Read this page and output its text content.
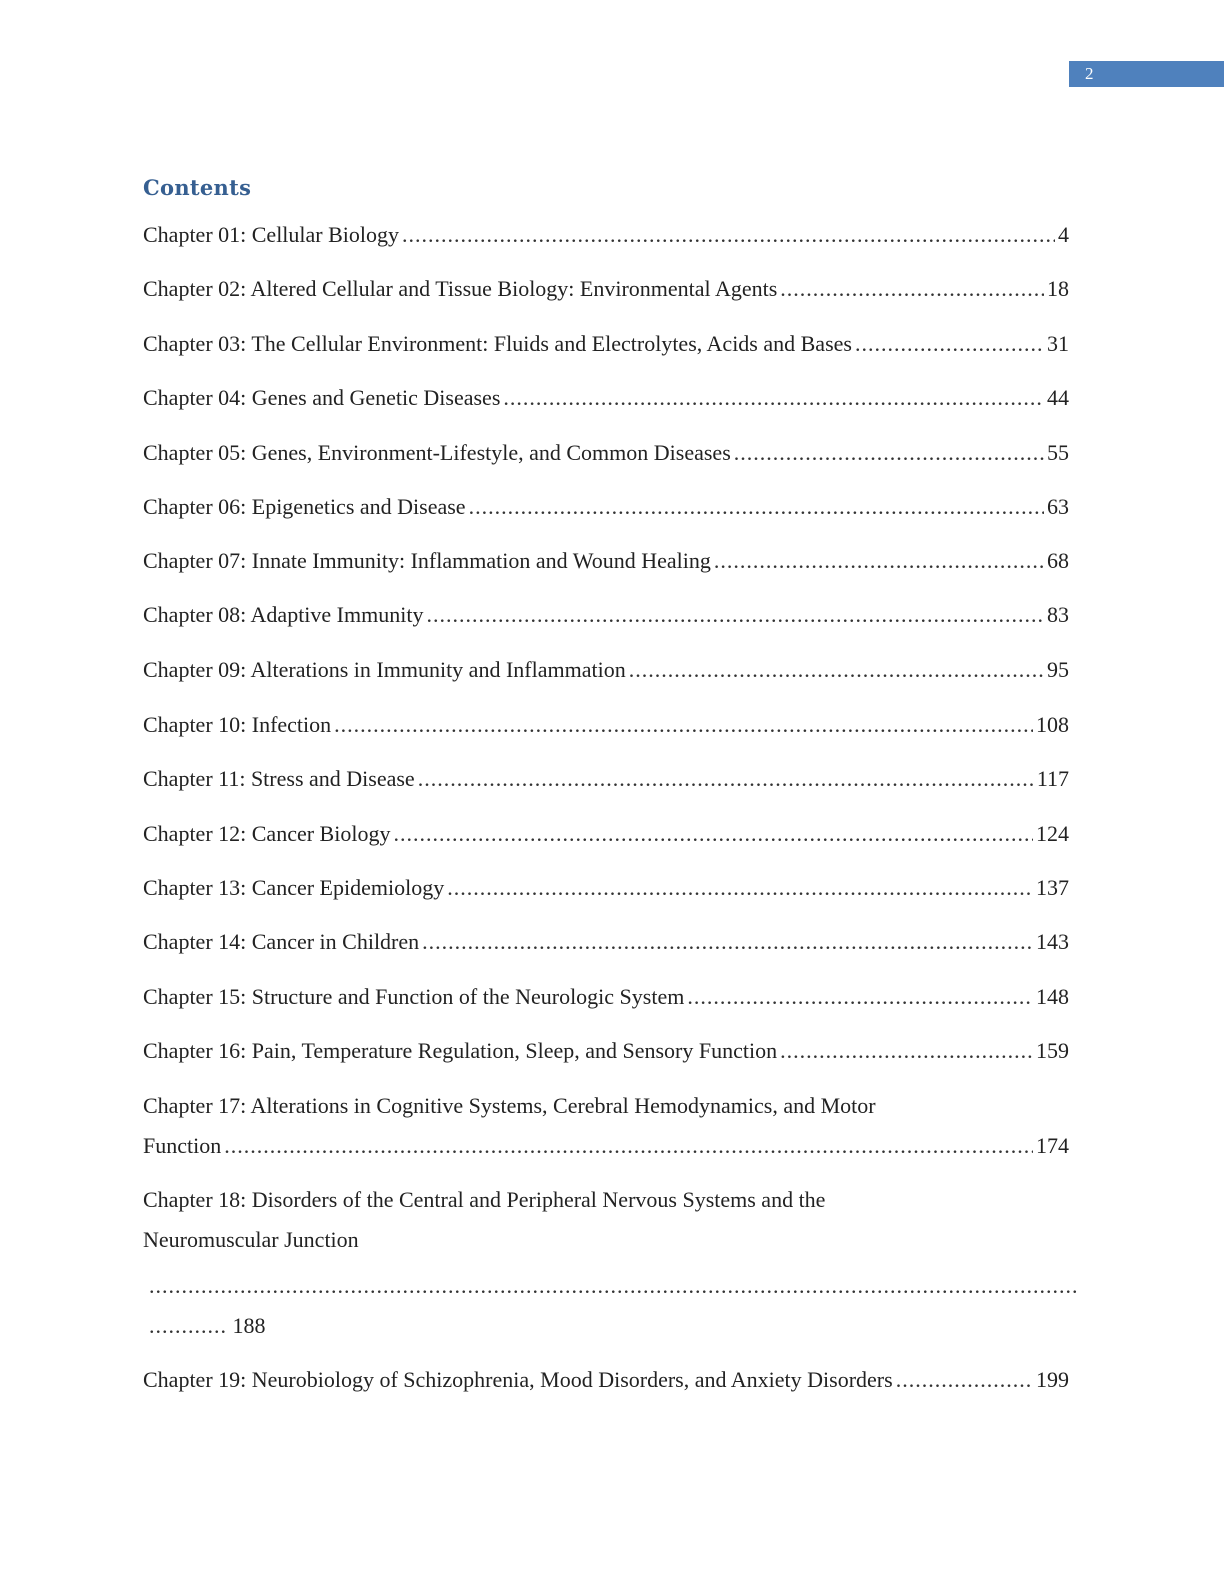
2
Contents
Chapter 01: Cellular Biology .....	4
Chapter 02: Altered Cellular and Tissue Biology: Environmental Agents .....	18
Chapter 03: The Cellular Environment: Fluids and Electrolytes, Acids and Bases .....	31
Chapter 04: Genes and Genetic Diseases .....	44
Chapter 05: Genes, Environment-Lifestyle, and Common Diseases .....	55
Chapter 06: Epigenetics and Disease .....	63
Chapter 07: Innate Immunity: Inflammation and Wound Healing .....	68
Chapter 08: Adaptive Immunity .....	83
Chapter 09: Alterations in Immunity and Inflammation .....	95
Chapter 10: Infection .....	108
Chapter 11: Stress and Disease .....	117
Chapter 12: Cancer Biology .....	124
Chapter 13: Cancer Epidemiology .....	137
Chapter 14: Cancer in Children .....	143
Chapter 15: Structure and Function of the Neurologic System .....	148
Chapter 16: Pain, Temperature Regulation, Sleep, and Sensory Function .....	159
Chapter 17: Alterations in Cognitive Systems, Cerebral Hemodynamics, and Motor
Function .....	174
Chapter 18: Disorders of the Central and Peripheral Nervous Systems and the
Neuromuscular Junction
.....
............ 188
Chapter 19: Neurobiology of Schizophrenia, Mood Disorders, and Anxiety Disorders .....	199
